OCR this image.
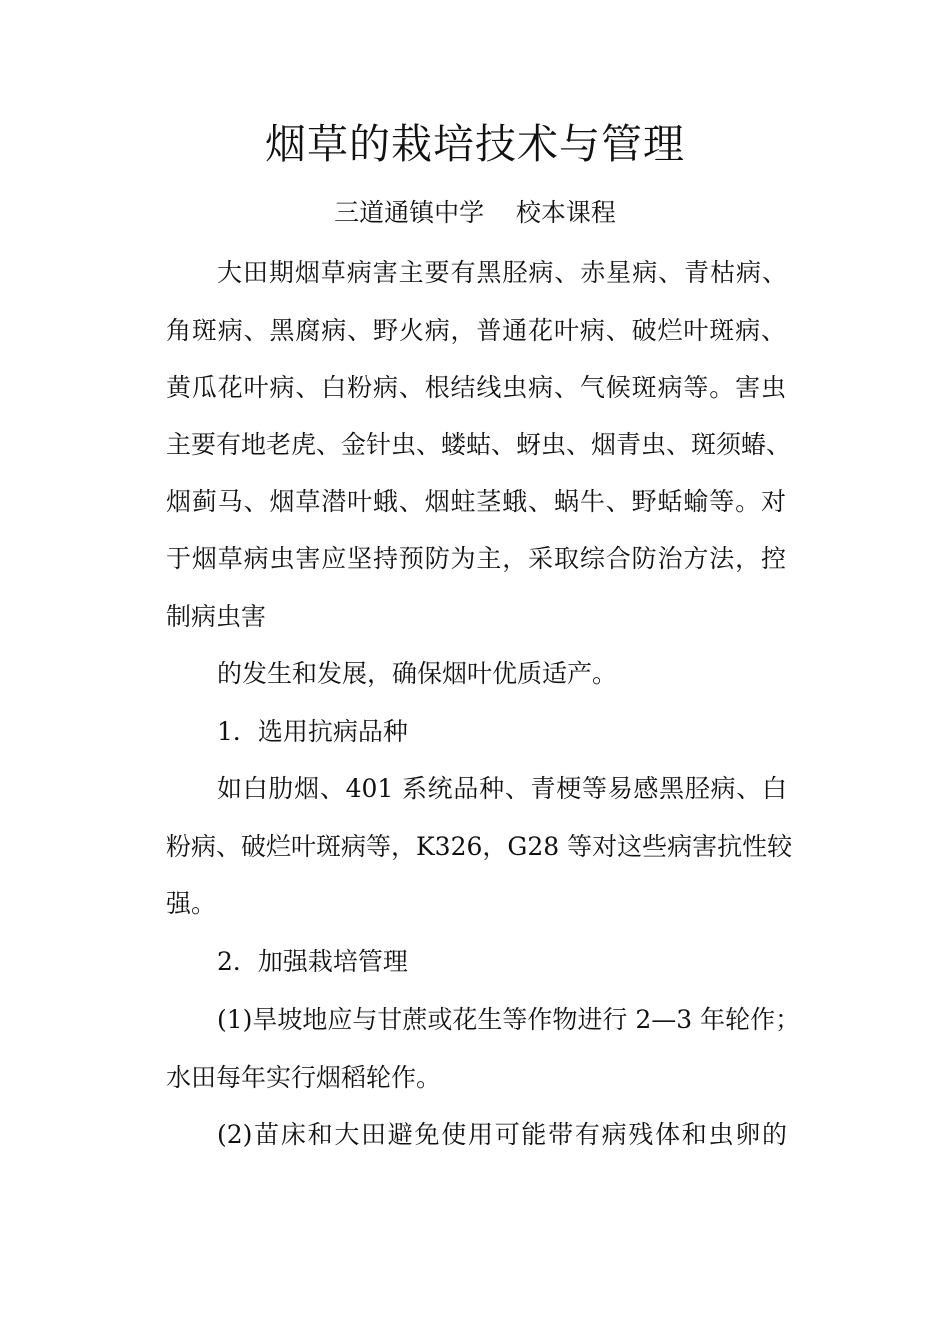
烟草的栽培技术与管理

三道通镇中学    校本课程

大田期烟草病害主要有黑胫病、赤星病、青枯病、

角斑病、黑腐病、野火病，普通花叶病、破烂叶斑病、

黄瓜花叶病、白粉病、根结线虫病、气候斑病等。害虫

主要有地老虎、金针虫、蝼蛄、蚜虫、烟青虫、斑须蝽、

烟蓟马、烟草潜叶蛾、烟蛀茎蛾、蜗牛、野蛞蝓等。对

于烟草病虫害应坚持预防为主，采取综合防治方法，控

制病虫害

的发生和发展，确保烟叶优质适产。

1．选用抗病品种

如白肋烟、401 系统品种、青梗等易感黑胫病、白

粉病、破烂叶斑病等，K326，G28 等对这些病害抗性较

强。

2．加强栽培管理

(1)旱坡地应与甘蔗或花生等作物进行 2—3 年轮作；

水田每年实行烟稻轮作。

(2)苗床和大田避免使用可能带有病残体和虫卵的
